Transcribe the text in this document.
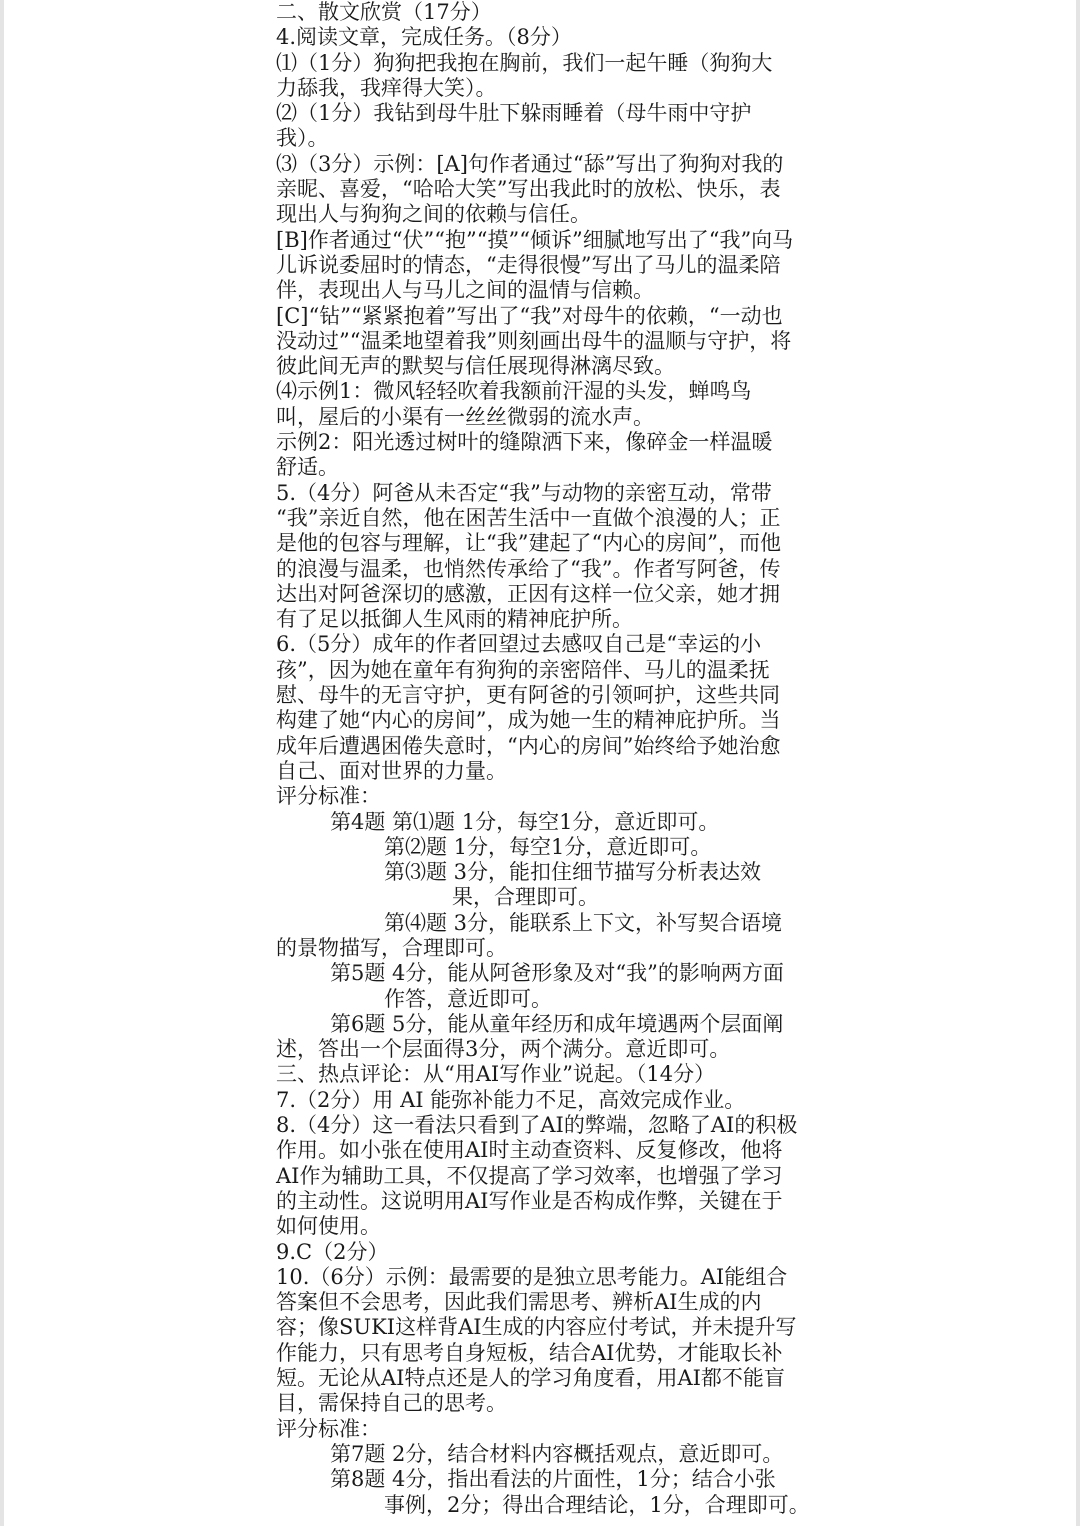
二、散文欣赏（17分）
4.阅读文章，完成任务。（8分）
⑴（1分）狗狗把我抱在胸前，我们一起午睡（狗狗大
力舔我，我痒得大笑）。
⑵（1分）我钻到母牛肚下躲雨睡着（母牛雨中守护
我）。
⑶（3分）示例：[A]句作者通过“舔”写出了狗狗对我的
亲昵、喜爱，“哈哈大笑”写出我此时的放松、快乐，表
现出人与狗狗之间的依赖与信任。
[B]作者通过“伏”“抱”“摸”“倾诉”细腻地写出了“我”向马
儿诉说委屈时的情态，“走得很慢”写出了马儿的温柔陪
伴，表现出人与马儿之间的温情与信赖。
[C]“钻”“紧紧抱着”写出了“我”对母牛的依赖，“一动也
没动过”“温柔地望着我”则刻画出母牛的温顺与守护，将
彼此间无声的默契与信任展现得淋漓尽致。
⑷示例1：微风轻轻吹着我额前汗湿的头发，蝉鸣鸟
叫，屋后的小渠有一丝丝微弱的流水声。
示例2：阳光透过树叶的缝隙洒下来，像碎金一样温暖
舒适。
5.（4分）阿爸从未否定“我”与动物的亲密互动，常带
“我”亲近自然，他在困苦生活中一直做个浪漫的人；正
是他的包容与理解，让“我”建起了“内心的房间”，而他
的浪漫与温柔，也悄然传承给了“我”。作者写阿爸，传
达出对阿爸深切的感激，正因有这样一位父亲，她才拥
有了足以抵御人生风雨的精神庇护所。
6.（5分）成年的作者回望过去感叹自己是“幸运的小
孩”，因为她在童年有狗狗的亲密陪伴、马儿的温柔抚
慰、母牛的无言守护，更有阿爸的引领呵护，这些共同
构建了她“内心的房间”，成为她一生的精神庇护所。当
成年后遭遇困倦失意时，“内心的房间”始终给予她治愈
自己、面对世界的力量。
评分标准：
第4题 第⑴题 1分，每空1分，意近即可。
第⑵题 1分，每空1分，意近即可。
第⑶题 3分，能扣住细节描写分析表达效
果，合理即可。
第⑷题 3分，能联系上下文，补写契合语境
的景物描写，合理即可。
第5题 4分，能从阿爸形象及对“我”的影响两方面
作答，意近即可。
第6题 5分，能从童年经历和成年境遇两个层面阐
述，答出一个层面得3分，两个满分。意近即可。
三、热点评论：从“用AI写作业”说起。（14分）
7.（2分）用 AI 能弥补能力不足，高效完成作业。
8.（4分）这一看法只看到了AI的弊端，忽略了AI的积极
作用。如小张在使用AI时主动查资料、反复修改，他将
AI作为辅助工具，不仅提高了学习效率，也增强了学习
的主动性。这说明用AI写作业是否构成作弊，关键在于
如何使用。
9.C（2分）
10.（6分）示例：最需要的是独立思考能力。AI能组合
答案但不会思考，因此我们需思考、辨析AI生成的内
容；像SUKI这样背AI生成的内容应付考试，并未提升写
作能力，只有思考自身短板，结合AI优势，才能取长补
短。无论从AI特点还是人的学习角度看，用AI都不能盲
目，需保持自己的思考。
评分标准：
第7题 2分，结合材料内容概括观点，意近即可。
第8题 4分，指出看法的片面性，1分；结合小张
事例，2分；得出合理结论，1分，合理即可。
